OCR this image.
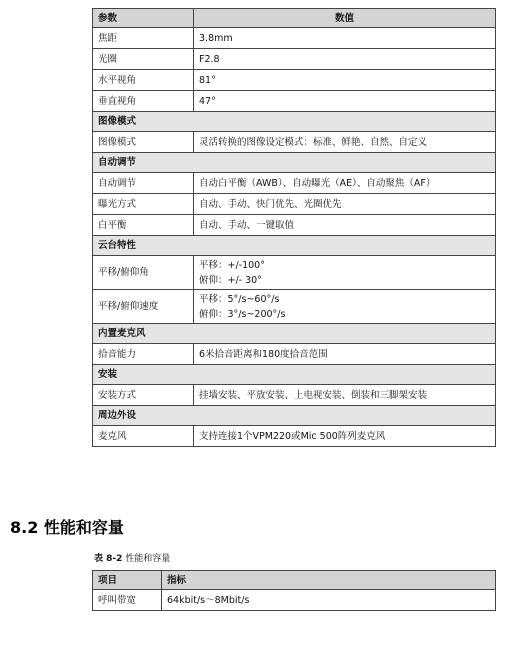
参数	数值
焦距	3.8mm
光圈	F2.8
水平视角	81°
垂直视角	47°
图像模式	
图像模式	灵活转换的图像设定模式：标准、鲜艳、自然、自定义
自动调节	
自动调节	自动白平衡（AWB）、自动曝光（AE）、自动聚焦（AF）
曝光方式	自动、手动、快门优先、光圈优先
白平衡	自动、手动、一键取值
云台特性	
平移/俯仰角	平移：+/-100°
俯仰：+/- 30°

平移/俯仰速度	平移：5°/s~60°/s
俯仰：3°/s~200°/s

内置麦克风	
拾音能力	6米拾音距离和180度拾音范围
安装	
安装方式	挂墙安装、平放安装、上电视安装、倒装和三脚架安装
周边外设	
麦克风	支持连接1个VPM220或Mic 500阵列麦克风
8.2 性能和容量
表 8-2 性能和容量
项目	指标
呼叫带宽	64kbit/s～8Mbit/s
